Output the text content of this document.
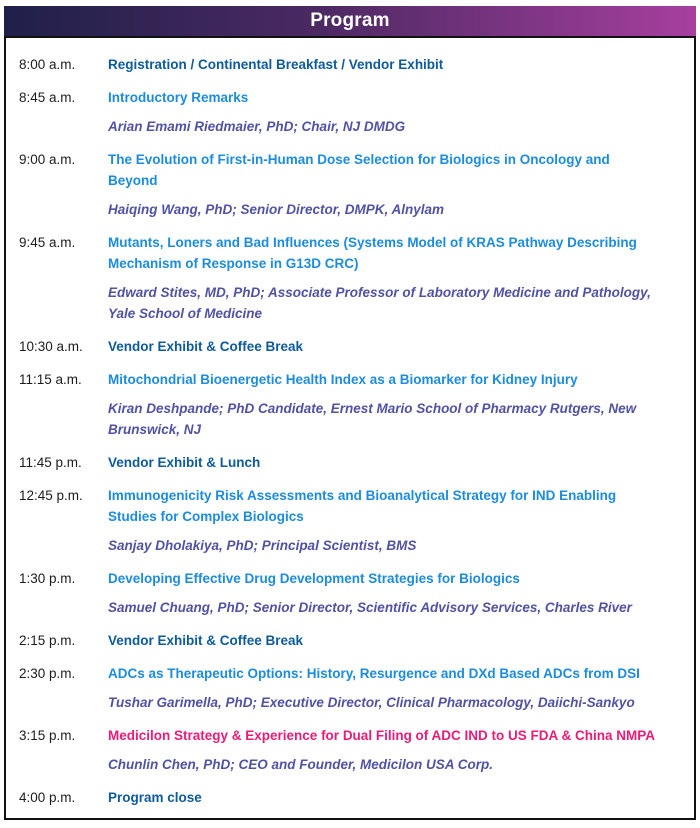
Program
8:00 a.m.	Registration / Continental Breakfast / Vendor Exhibit
8:45 a.m.	Introductory Remarks
Arian Emami Riedmaier, PhD; Chair, NJ DMDG
9:00 a.m.	The Evolution of First-in-Human Dose Selection for Biologics in Oncology and
Beyond
Haiqing Wang, PhD; Senior Director, DMPK, Alnylam
9:45 a.m.	Mutants, Loners and Bad Influences (Systems Model of KRAS Pathway Describing
Mechanism of Response in G13D CRC)
Edward Stites, MD, PhD; Associate Professor of Laboratory Medicine and Pathology,
Yale School of Medicine
10:30 a.m.	Vendor Exhibit & Coffee Break
11:15 a.m.	Mitochondrial Bioenergetic Health Index as a Biomarker for Kidney Injury
Kiran Deshpande; PhD Candidate, Ernest Mario School of Pharmacy Rutgers, New
Brunswick, NJ
11:45 p.m.	Vendor Exhibit & Lunch
12:45 p.m.	Immunogenicity Risk Assessments and Bioanalytical Strategy for IND Enabling
Studies for Complex Biologics
Sanjay Dholakiya, PhD; Principal Scientist, BMS
1:30 p.m.	Developing Effective Drug Development Strategies for Biologics
Samuel Chuang, PhD; Senior Director, Scientific Advisory Services, Charles River
2:15 p.m.	Vendor Exhibit & Coffee Break
2:30 p.m.	ADCs as Therapeutic Options: History, Resurgence and DXd Based ADCs from DSI
Tushar Garimella, PhD; Executive Director, Clinical Pharmacology, Daiichi-Sankyo
3:15 p.m.	Medicilon Strategy & Experience for Dual Filing of ADC IND to US FDA & China NMPA
Chunlin Chen, PhD; CEO and Founder, Medicilon USA Corp.
4:00 p.m.	Program close
